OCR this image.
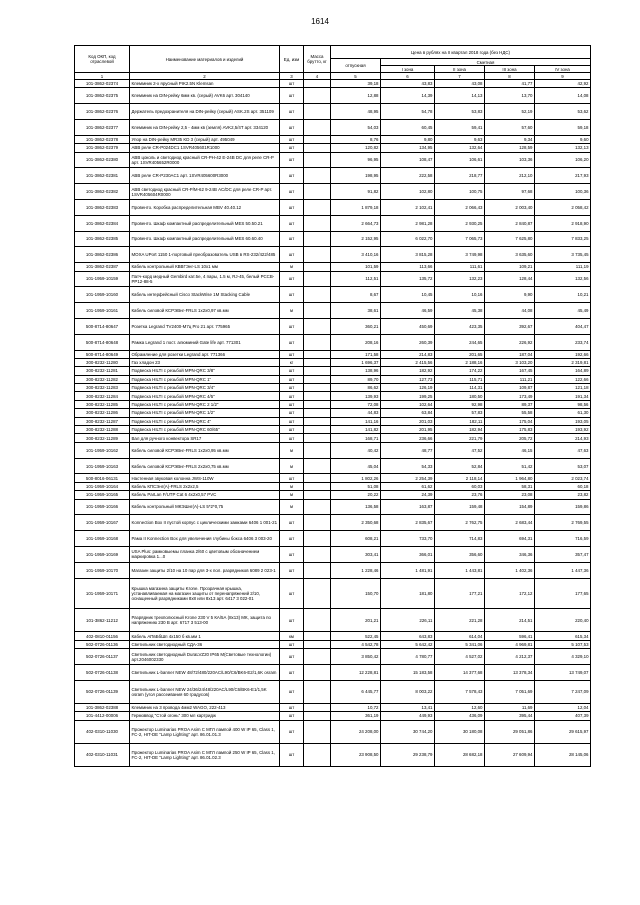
1614
Код ОКП, код отраслевой	Наименование материалов и изделий	Ед. изм	Масса брутто, кг	Цена в рублях на II квартал 2018 года (без НДС)				
				отпускная	Сметная			
					I зона	II зона	III зона	IV зона
1	2	3	4	5	6	7	8	9
101-3862-02374	Клеммник 2-х ярусный PIK2.5N Klemsan	шт		39,18	43,83	43,08	41,77	42,92
101-3862-02375	Клеммник на DIN-рейку 6мм кв. (серый) AVK6 арт. 304140	шт		12,88	14,39	14,13	13,70	14,08
101-3862-02376	Держатель предохранителя на DIN-рейку (серый) ASK.2S арт. 351109	шт		48,95	54,78	53,83	52,19	53,62
101-3862-02377	Клеммник на DIN-рейку 2,5 - 4мм кв (земля) AVK2,5/4T арт. 334120	шт		54,03	60,45	59,41	57,60	59,18
101-3862-02378	Упор на DIN-рейку MR35 KD 3 (серый) арт. 495049	шт		8,76	9,80	9,63	9,34	9,60
101-3862-02379	АВВ реле CR-P024DC1 1SVR405601R1000	шт		120,82	134,95	132,64	128,59	132,13
101-3862-02380	АВВ цоколь и светодиод красный CR-PH-42 Е-24В DC для реле CR-P арт. 1SVR405652R0000	шт		96,95	108,47	106,61	103,36	106,20
101-3862-02381	АВВ реле CR-P230AC1 арт. 1SVR405600R3000	шт		198,95	222,58	218,77	212,10	217,93
101-3862-02382	АВВ светодиод красный CR-P/M-62 9-24В AC/DC для реле CR-P арт. 1SVR405604R0000	шт		91,82	102,80	100,75	97,68	100,36
101-3862-02383	Провенто. Коробка распределительная MBV 40.40.12	шт		1 879,18	2 102,41	2 066,43	2 003,40	2 058,42
101-3862-02384	Провенто. Шкаф компактный распределительный MES 50.50.21	шт		2 664,73	2 981,28	2 930,25	2 840,87	2 918,90
101-3862-02385	Провенто. Шкаф компактный распределительный MES 60.60.40	шт		2 152,95	6 022,70	7 065,73	7 625,80	7 833,25
101-3862-02386	MOXA UPort 1150 1-портовый преобразователь USB в RS-232/422/485	шт		3 410,16	3 815,28	3 749,98	3 635,60	3 735,45
101-3862-02387	Кабель контрольный КВВГЭнг-LS 10х1 мм	м		101,59	113,66	111,61	109,21	111,19
101-1959-10159	Патч-корд медный Gembird кат.5е, 4 пары, 1.5 м, RJ-45, белый PCCB-PP12-88-5	шт		112,51	135,72	132,23	128,44	132,56
101-1959-10160	Кабель интерфейсный Cisco StackWise 1M Stacking Cable	шт		8,67	10,45	10,16	9,90	10,21
101-1959-10161	Кабель силовой КСРЭВнг-FRLS 1х2х0,97 кв.мм	м		38,61	46,59	45,38	44,08	45,49
500-8714-80647	Розетка Legrand TV2400-M7ц Pro 21 арт. 775965	шт		360,21	450,69	423,35	392,67	404,47
500-8714-80648	Рамка Legrand 1 пост. алюминий Gate life арт. 771301	шт		208,16	260,39	244,65	226,92	233,74
500-8714-80649	Обрамление для розетки Legrand арт. 771366	шт		171,58	214,83	201,65	187,04	192,66
300-8232-11280	Газ хладон 23	кг		1 696,37	2 415,56	2 188,16	3 103,20	2 319,81
300-8232-11281	Подвеска HILTI с резьбой MPN-QRC 3/8"	шт		138,96	182,92	174,22	167,45	164,89
300-8232-11282	Подвеска HILTI с резьбой MPN-QRC 1"	шт		89,70	127,73	115,71	111,21	122,66
300-8232-11283	Подвеска HILTI с резьбой MPN-QRC 3/4"	шт		86,62	126,19	114,31	109,87	121,18
300-8232-11284	Подвеска HILTI с резьбой MPN-QRC 4/5"	шт		139,93	199,25	180,50	173,49	191,34
300-8232-11285	Подвеска HILTI с резьбой MPN-QRC 2 1/2"	шт		72,08	102,64	92,98	89,37	98,56
300-8232-11286	Подвеска HILTI с резьбой MPN-QRC 1/2"	шт		44,83	63,84	57,83	55,58	61,30
300-8232-11287	Подвеска HILTI с резьбой MPN-QRC 4"	шт		141,16	201,03	182,11	175,04	193,05
300-8232-11288	Подвеска HILTI с резьбой MPN-QRC 60/65"	шт		141,82	201,95	182,94	175,83	193,92
300-8232-11289	Вал для ручного конвектора SR17	шт		168,71	236,66	221,79	205,72	214,93
101-1959-10162	Кабель силовой КСРЭВнг-FRLS 1х2х0,95 кв.мм	м		40,42	48,77	47,52	46,15	47,63
101-1959-10163	Кабель силовой КСРЭВнг-FRLS 2х2х0,75 кв.мм	м		45,04	54,33	52,84	51,42	53,07
500-8016-06131	Настенная звуковая колонна JWS-110W	шт		1 802,26	2 254,39	2 118,14	1 964,80	2 023,74
101-1959-10164	Кабель КПСЭнг(А)-FRLS 2х2х2,5	м		51,08	61,62	60,03	58,31	60,18
101-1959-10165	Кабель ParLan F/UTP Cat 6 4х2х0,57 PVC	м		20,22	24,39	23,76	23,08	23,82
101-1959-10166	Кабель контрольный МКЭШнг(А)-LS 5*2*0,75	м		136,58	163,87	159,48	154,89	159,86
101-1959-10167	Konnection Box II пустой корпус с циклическими замками 6406 1 001-21	шт		2 350,68	2 835,67	2 762,75	2 683,44	2 769,55
101-1959-10168	Рама II Konnection Box для увеличения глубины бокса 6406 3 003-20	шт		608,21	733,70	714,83	694,31	716,59
101-1959-10169	USA Plus: рамковыемы планка 2/60 с цветовым обозначением маркировка 1...0	шт		303,41	366,01	356,60	346,36	357,47
101-1959-10170	Магазин защиты 2/10 на 10 пар для 3-х пол. разрядников 6089 2 023-1	шт		1 228,46	1 481,91	1 443,81	1 402,36	1 447,36
101-1959-10171	Крышка магазина защиты Krone. Прозрачная крышка, устанавливаемая на магазин защиты от перенапряжений 2/10, оснащенный разрядниками 8х8 или 8х13 арт. 6417 3 022-01	шт		150,70	181,80	177,21	172,12	177,65
101-3862-11212	Разрядник трехполюсный Krone 230 V 5 КА/5А (8х13) МК, защита по напряжению 230 В арт. 6717 3 513-00	шт		201,21	226,11	221,28	214,51	220,40
402-0810-01156	Кабель АПвБбШп 4х150 б кв.мм 1	км		522,45	643,83	614,04	596,41	615,34
502-0726-01136	Светильник светодиодный СДА-36	шт		4 542,78	5 642,42	5 341,06	4 969,81	5 107,53
502-0726-01137	Светильник светодиодный DuraLVZ20 IP65 M(Световые технологии) арт.2046002330	шт		3 850,42	4 780,77	4 527,02	4 212,37	4 329,10
502-0726-01138	Светильник L-banner NEW 48/72/480/220AC/L90/C6/BK6-E2/1,6K osram	шт		12 228,81	15 183,58	14 377,68	13 378,34	13 749,07
502-0726-01139	Светильник L-banner NEW 24/36/24/48/220AC/L90/C6/BK6-E1/1,5K osram (угол рассеивания 60 градусов)	шт		6 445,77	8 003,22	7 578,43	7 051,69	7 247,09
101-3862-02388	Клеммник на 3 провода 4мм2 WAGO, 222-413	шт		10,72	13,41	12,60	11,69	12,04
101-4412-00006	Гермоввод "Стой огонь" 300 мл картридж	шт		361,19	449,93	436,09	395,44	407,39
402-0310-11030	Прожектор Luminarias PROA Asim C МГЛ лампой 400 W IP 65, Class 1, FC-2, HIT-DE "Lamp Lighting" арт. 86.01.01.3	шт		24 208,00	30 744,20	30 180,08	29 051,86	29 615,97
402-0310-11031	Прожектор Luminarias PROA Asim C МГЛ лампой 250 W IP 65, Class 1, FC-2, HIT-DE "Lamp Lighting" арт. 86.01.02.3	шт		23 908,50	29 238,79	28 682,18	27 609,94	28 145,06
